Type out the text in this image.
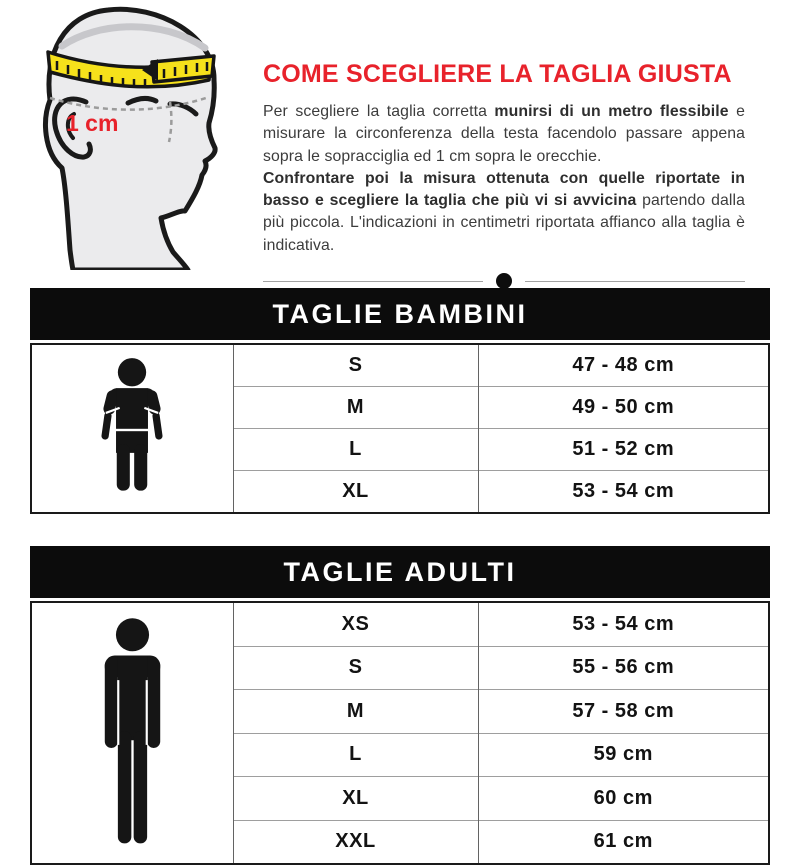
1 cm
COME SCEGLIERE LA TAGLIA GIUSTA

Per scegliere la taglia corretta munirsi di un metro flessibile e misurare la circonferenza della testa facendolo passare appena sopra le sopracciglia ed 1 cm sopra le orecchie.

Confrontare poi la misura ottenuta con quelle riportate in basso e scegliere la taglia che più vi si avvicina partendo dalla più piccola. L'indicazioni in centimetri riportata affianco alla taglia è indicativa.

TAGLIE BAMBINI
	S	47 - 48 cm
	M	49 - 50 cm
	L	51 - 52 cm
	XL	53 - 54 cm
TAGLIE ADULTI
	XS	53 - 54 cm
	S	55 - 56 cm
	M	57 - 58 cm
	L	59 cm
	XL	60 cm
	XXL	61 cm
